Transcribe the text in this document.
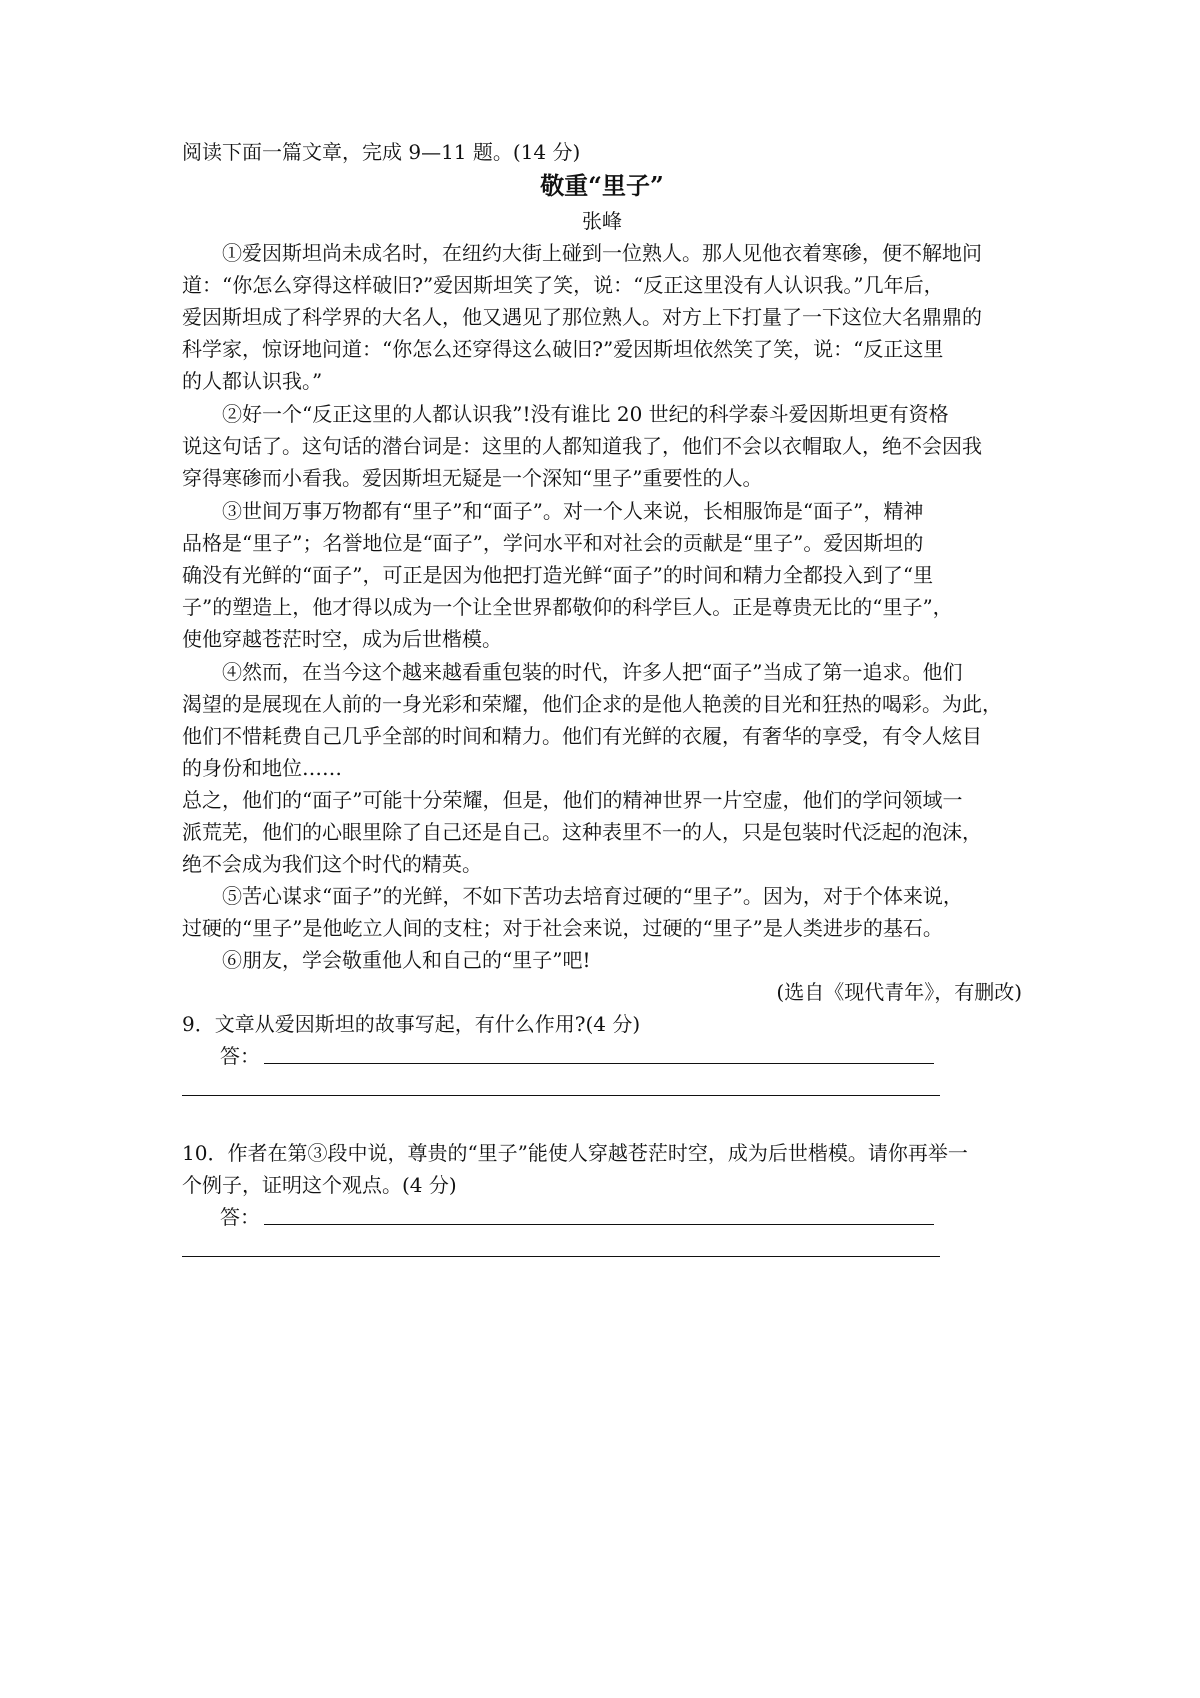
阅读下面一篇文章，完成 9—11 题。(14 分)
敬重“里子”
张峰
①爱因斯坦尚未成名时，在纽约大街上碰到一位熟人。那人见他衣着寒碜，便不解地问
道：“你怎么穿得这样破旧?”爱因斯坦笑了笑，说：“反正这里没有人认识我。”几年后，
爱因斯坦成了科学界的大名人，他又遇见了那位熟人。对方上下打量了一下这位大名鼎鼎的
科学家，惊讶地问道：“你怎么还穿得这么破旧?”爱因斯坦依然笑了笑，说：“反正这里
的人都认识我。”
②好一个“反正这里的人都认识我”!没有谁比 20 世纪的科学泰斗爱因斯坦更有资格
说这句话了。这句话的潜台词是：这里的人都知道我了，他们不会以衣帽取人，绝不会因我
穿得寒碜而小看我。爱因斯坦无疑是一个深知“里子”重要性的人。
③世间万事万物都有“里子”和“面子”。对一个人来说，长相服饰是“面子”，精神
品格是“里子”；名誉地位是“面子”，学问水平和对社会的贡献是“里子”。爱因斯坦的
确没有光鲜的“面子”，可正是因为他把打造光鲜“面子”的时间和精力全都投入到了“里
子”的塑造上，他才得以成为一个让全世界都敬仰的科学巨人。正是尊贵无比的“里子”，
使他穿越苍茫时空，成为后世楷模。
④然而，在当今这个越来越看重包装的时代，许多人把“面子”当成了第一追求。他们
渴望的是展现在人前的一身光彩和荣耀，他们企求的是他人艳羡的目光和狂热的喝彩。为此，
他们不惜耗费自己几乎全部的时间和精力。他们有光鲜的衣履，有奢华的享受，有令人炫目
的身份和地位……
总之，他们的“面子”可能十分荣耀，但是，他们的精神世界一片空虚，他们的学问领域一
派荒芜，他们的心眼里除了自己还是自己。这种表里不一的人，只是包装时代泛起的泡沫，
绝不会成为我们这个时代的精英。
⑤苦心谋求“面子”的光鲜，不如下苦功去培育过硬的“里子”。因为，对于个体来说，
过硬的“里子”是他屹立人间的支柱；对于社会来说，过硬的“里子”是人类进步的基石。
⑥朋友，学会敬重他人和自己的“里子”吧!
(选自《现代青年》，有删改)
9．文章从爱因斯坦的故事写起，有什么作用?(4 分)
答：
10．作者在第③段中说，尊贵的“里子”能使人穿越苍茫时空，成为后世楷模。请你再举一
个例子，证明这个观点。(4 分)
答：
